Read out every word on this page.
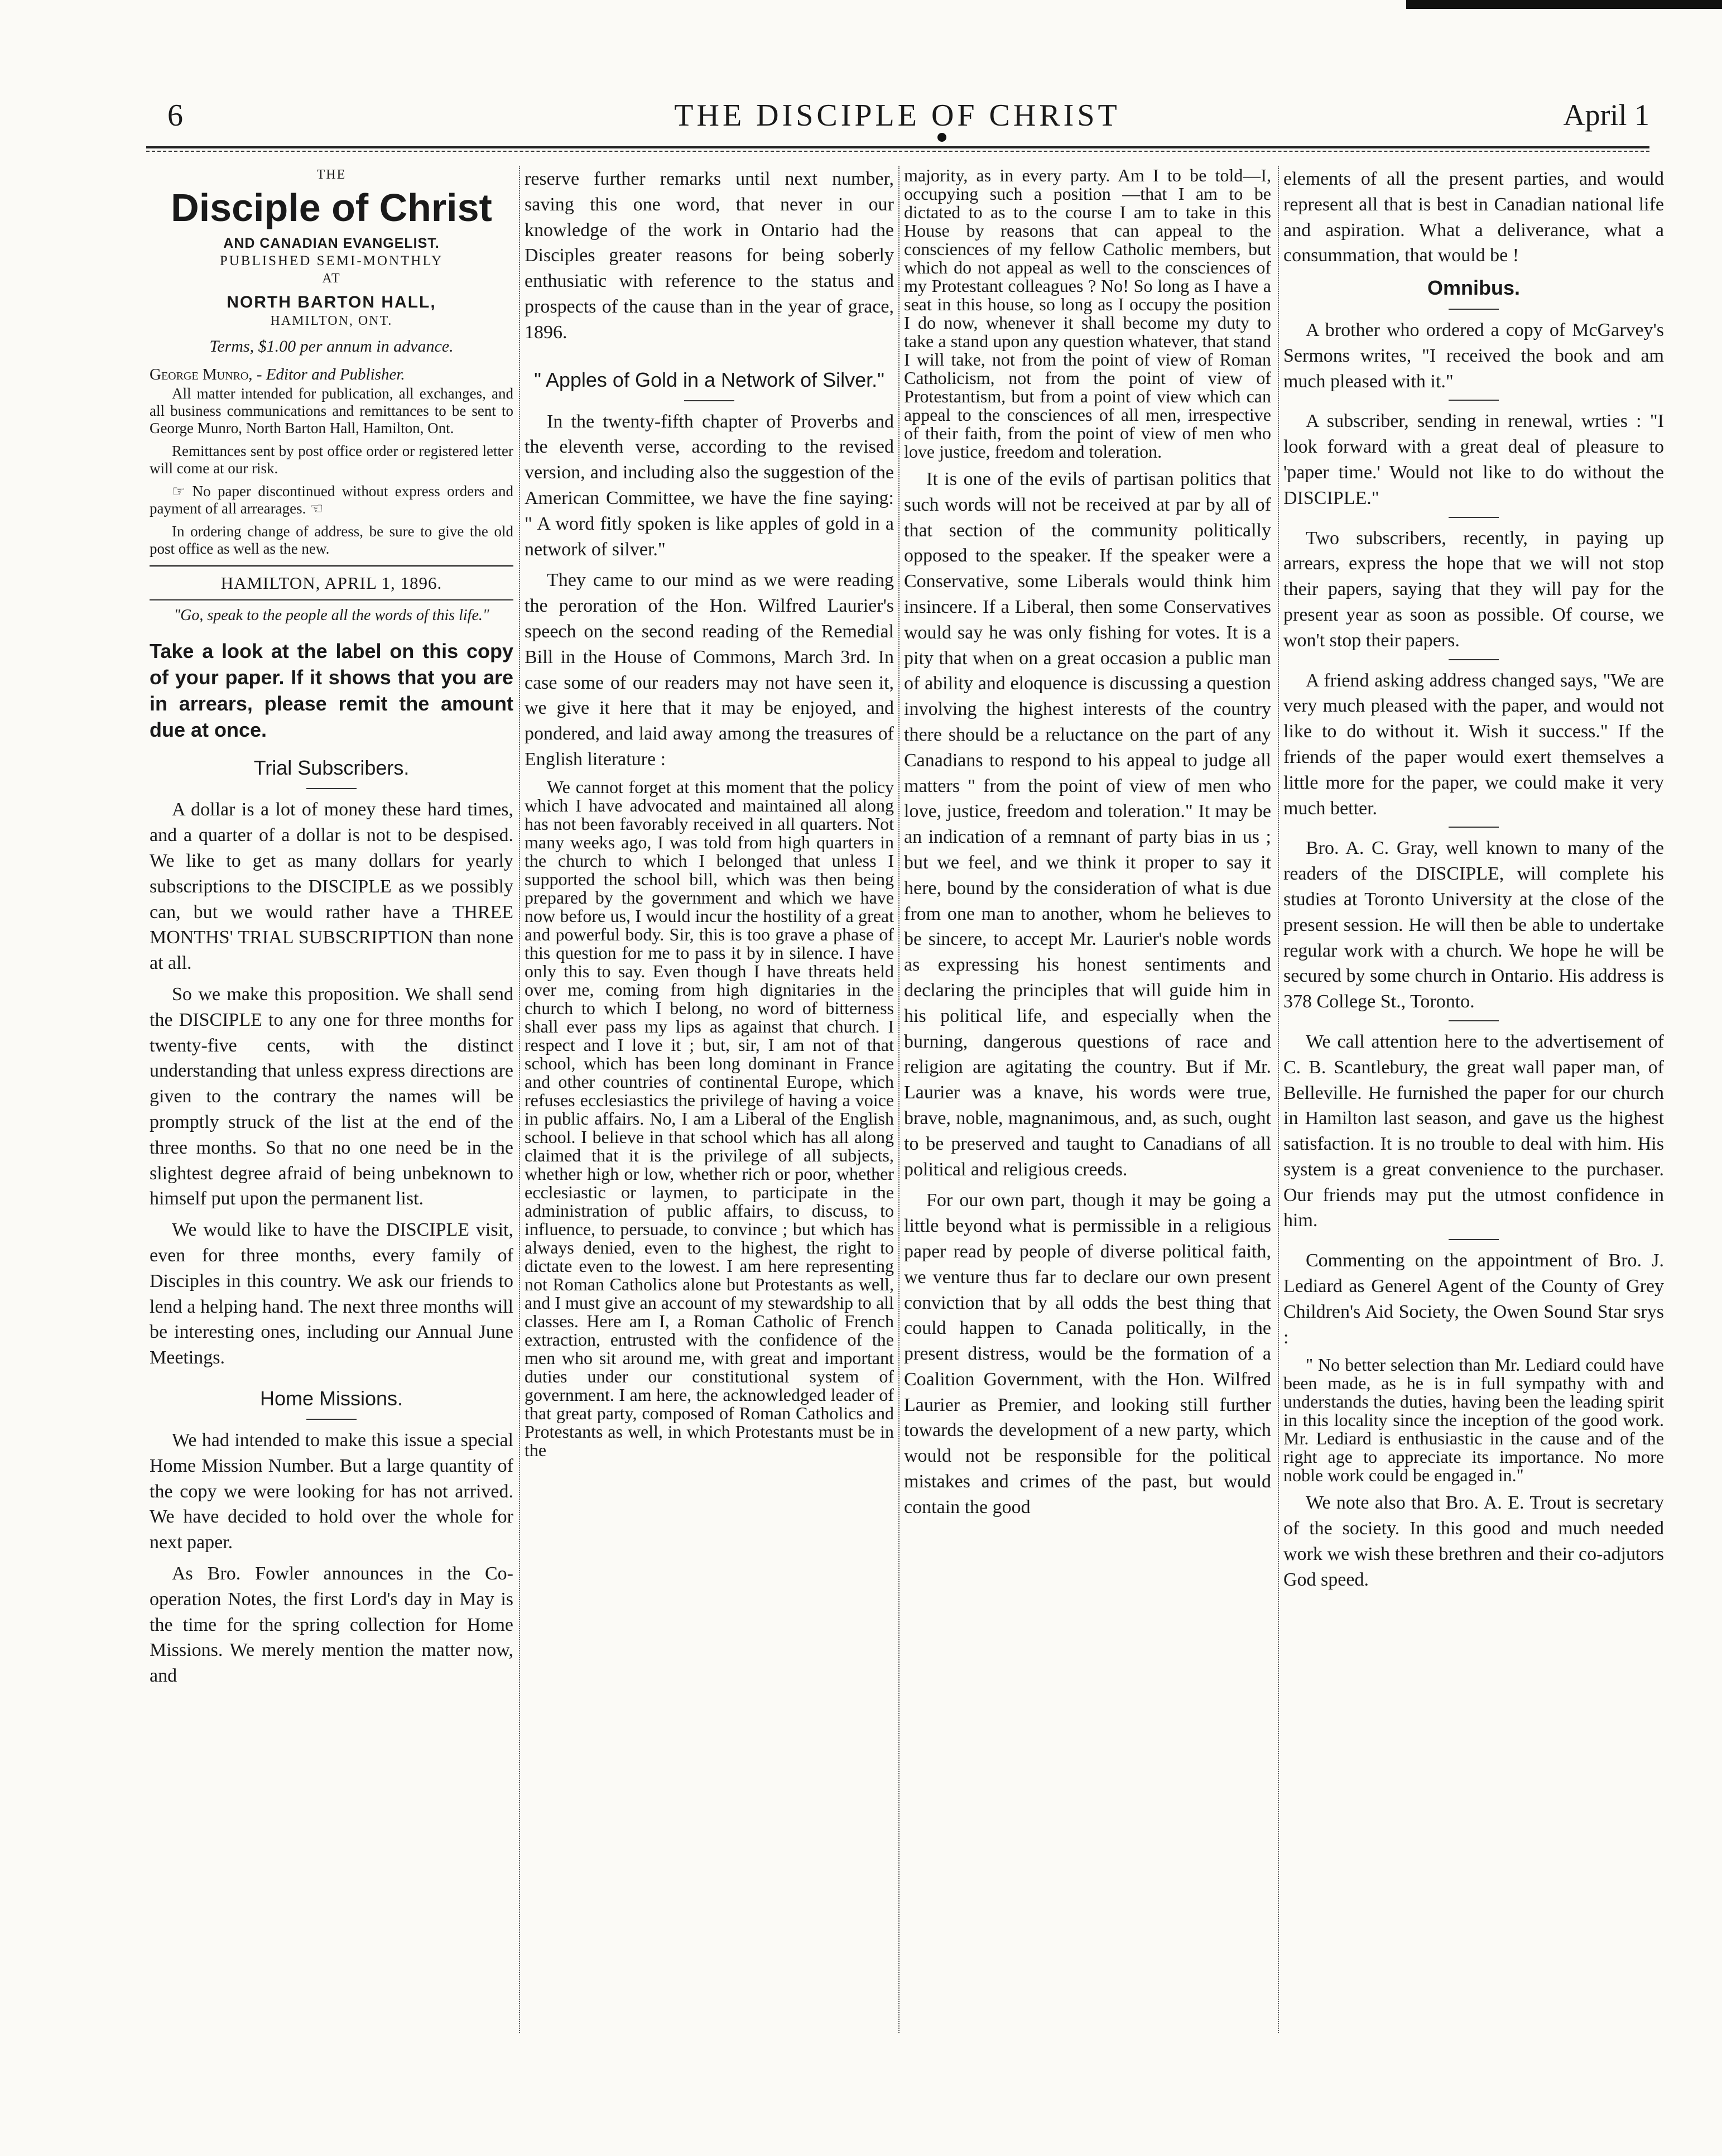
6	THE DISCIPLE OF CHRIST	April 1
THE
Disciple of Christ
AND CANADIAN EVANGELIST.
PUBLISHED SEMI-MONTHLY
AT
NORTH BARTON HALL,
HAMILTON, ONT.
Terms, $1.00 per annum in advance.
George Munro, - Editor and Publisher.

All matter intended for publication, all exchanges, and all business communications and remittances to be sent to George Munro, North Barton Hall, Hamilton, Ont.

Remittances sent by post office order or registered letter will come at our risk.

☞ No paper discontinued without express orders and payment of all arrearages. ☜

In ordering change of address, be sure to give the old post office as well as the new.

HAMILTON, APRIL 1, 1896.
"Go, speak to the people all the words of this life."
Take a look at the label on this copy of your paper. If it shows that you are in arrears, please remit the amount due at once.
Trial Subscribers.

A dollar is a lot of money these hard times, and a quarter of a dollar is not to be despised. We like to get as many dollars for yearly subscriptions to the DISCIPLE as we possibly can, but we would rather have a THREE MONTHS' TRIAL SUBSCRIPTION than none at all.

So we make this proposition. We shall send the DISCIPLE to any one for three months for twenty-five cents, with the distinct understanding that unless express directions are given to the contrary the names will be promptly struck of the list at the end of the three months. So that no one need be in the slightest degree afraid of being unbeknown to himself put upon the permanent list.

We would like to have the DISCIPLE visit, even for three months, every family of Disciples in this country. We ask our friends to lend a helping hand. The next three months will be interesting ones, including our Annual June Meetings.

Home Missions.

We had intended to make this issue a special Home Mission Number. But a large quantity of the copy we were looking for has not arrived. We have decided to hold over the whole for next paper.

As Bro. Fowler announces in the Co-operation Notes, the first Lord's day in May is the time for the spring collection for Home Missions. We merely mention the matter now, and

reserve further remarks until next number, saving this one word, that never in our knowledge of the work in Ontario had the Disciples greater reasons for being soberly enthusiatic with reference to the status and prospects of the cause than in the year of grace, 1896.

" Apples of Gold in a Network of Silver."

In the twenty-fifth chapter of Proverbs and the eleventh verse, according to the revised version, and including also the suggestion of the American Committee, we have the fine saying: " A word fitly spoken is like apples of gold in a network of silver."

They came to our mind as we were reading the peroration of the Hon. Wilfred Laurier's speech on the second reading of the Remedial Bill in the House of Commons, March 3rd. In case some of our readers may not have seen it, we give it here that it may be enjoyed, and pondered, and laid away among the treasures of English literature :

We cannot forget at this moment that the policy which I have advocated and maintained all along has not been favorably received in all quarters. Not many weeks ago, I was told from high quarters in the church to which I belonged that unless I supported the school bill, which was then being prepared by the government and which we have now before us, I would incur the hostility of a great and powerful body. Sir, this is too grave a phase of this question for me to pass it by in silence. I have only this to say. Even though I have threats held over me, coming from high dignitaries in the church to which I belong, no word of bitterness shall ever pass my lips as against that church. I respect and I love it ; but, sir, I am not of that school, which has been long dominant in France and other countries of continental Europe, which refuses ecclesiastics the privilege of having a voice in public affairs. No, I am a Liberal of the English school. I believe in that school which has all along claimed that it is the privilege of all subjects, whether high or low, whether rich or poor, whether ecclesiastic or laymen, to participate in the administration of public affairs, to discuss, to influence, to persuade, to convince ; but which has always denied, even to the highest, the right to dictate even to the lowest. I am here representing not Roman Catholics alone but Protestants as well, and I must give an account of my stewardship to all classes. Here am I, a Roman Catholic of French extraction, entrusted with the confidence of the men who sit around me, with great and important duties under our constitutional system of government. I am here, the acknowledged leader of that great party, composed of Roman Catholics and Protestants as well, in which Protestants must be in the

majority, as in every party. Am I to be told—I, occupying such a position —that I am to be dictated to as to the course I am to take in this House by reasons that can appeal to the consciences of my fellow Catholic members, but which do not appeal as well to the consciences of my Protestant colleagues ? No! So long as I have a seat in this house, so long as I occupy the position I do now, whenever it shall become my duty to take a stand upon any question whatever, that stand I will take, not from the point of view of Roman Catholicism, not from the point of view of Protestantism, but from a point of view which can appeal to the consciences of all men, irrespective of their faith, from the point of view of men who love justice, freedom and toleration.

It is one of the evils of partisan politics that such words will not be received at par by all of that section of the community politically opposed to the speaker. If the speaker were a Conservative, some Liberals would think him insincere. If a Liberal, then some Conservatives would say he was only fishing for votes. It is a pity that when on a great occasion a public man of ability and eloquence is discussing a question involving the highest interests of the country there should be a reluctance on the part of any Canadians to respond to his appeal to judge all matters " from the point of view of men who love, justice, freedom and toleration." It may be an indication of a remnant of party bias in us ; but we feel, and we think it proper to say it here, bound by the consideration of what is due from one man to another, whom he believes to be sincere, to accept Mr. Laurier's noble words as expressing his honest sentiments and declaring the principles that will guide him in his political life, and especially when the burning, dangerous questions of race and religion are agitating the country. But if Mr. Laurier was a knave, his words were true, brave, noble, magnanimous, and, as such, ought to be preserved and taught to Canadians of all political and religious creeds.

For our own part, though it may be going a little beyond what is permissible in a religious paper read by people of diverse political faith, we venture thus far to declare our own present conviction that by all odds the best thing that could happen to Canada politically, in the present distress, would be the formation of a Coalition Government, with the Hon. Wilfred Laurier as Premier, and looking still further towards the development of a new party, which would not be responsible for the political mistakes and crimes of the past, but would contain the good

elements of all the present parties, and would represent all that is best in Canadian national life and aspiration. What a deliverance, what a consummation, that would be !

Omnibus.

A brother who ordered a copy of McGarvey's Sermons writes, "I received the book and am much pleased with it."

A subscriber, sending in renewal, wrties : "I look forward with a great deal of pleasure to 'paper time.' Would not like to do without the DISCIPLE."

Two subscribers, recently, in paying up arrears, express the hope that we will not stop their papers, saying that they will pay for the present year as soon as possible. Of course, we won't stop their papers.

A friend asking address changed says, "We are very much pleased with the paper, and would not like to do without it. Wish it success." If the friends of the paper would exert themselves a little more for the paper, we could make it very much better.

Bro. A. C. Gray, well known to many of the readers of the DISCIPLE, will complete his studies at Toronto University at the close of the present session. He will then be able to undertake regular work with a church. We hope he will be secured by some church in Ontario. His address is 378 College St., Toronto.

We call attention here to the advertisement of C. B. Scantlebury, the great wall paper man, of Belleville. He furnished the paper for our church in Hamilton last season, and gave us the highest satisfaction. It is no trouble to deal with him. His system is a great convenience to the purchaser. Our friends may put the utmost confidence in him.

Commenting on the appointment of Bro. J. Lediard as Generel Agent of the County of Grey Children's Aid Society, the Owen Sound Star srys :

" No better selection than Mr. Lediard could have been made, as he is in full sympathy with and understands the duties, having been the leading spirit in this locality since the inception of the good work. Mr. Lediard is enthusiastic in the cause and of the right age to appreciate its importance. No more noble work could be engaged in."

We note also that Bro. A. E. Trout is secretary of the society. In this good and much needed work we wish these brethren and their co-adjutors God speed.
